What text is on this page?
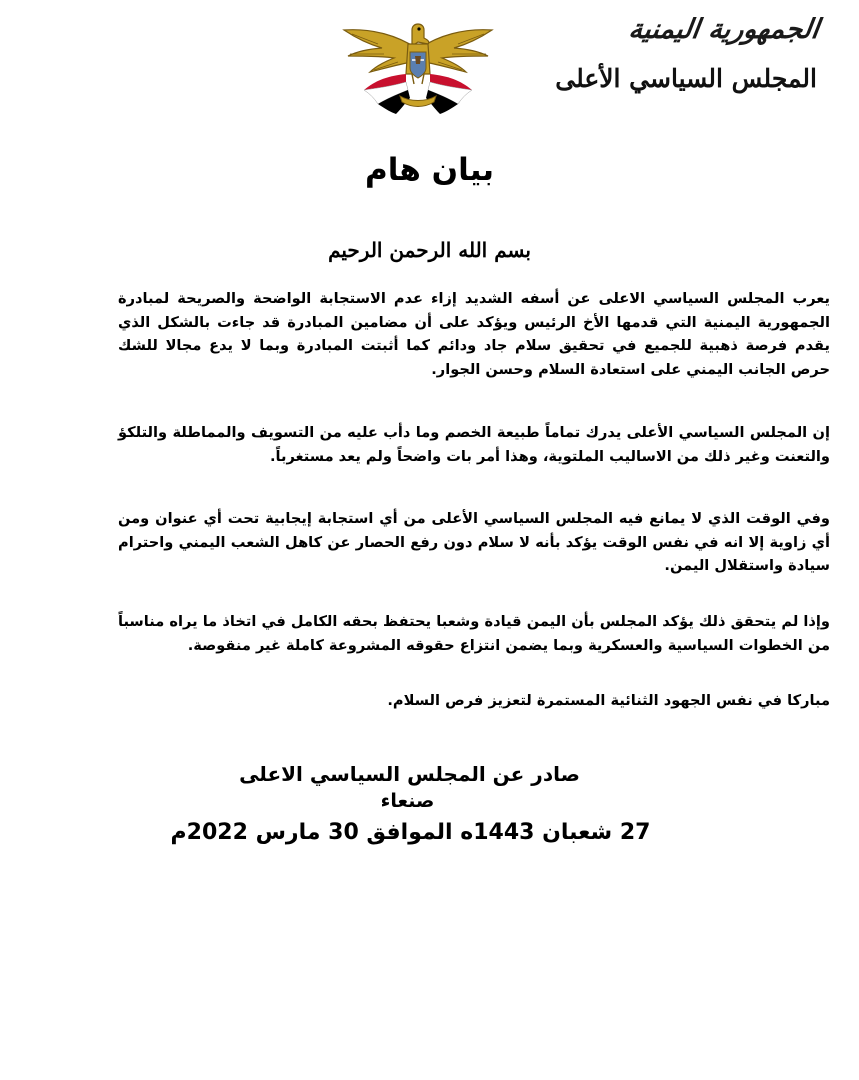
الجمهورية اليمنية
المجلس السياسي الأعلى
بيان هام
بسم الله الرحمن الرحيم
يعرب المجلس السياسي الاعلى عن أسفه الشديد إزاء عدم الاستجابة الواضحة والصريحة لمبادرة الجمهورية اليمنية التي قدمها الأخ الرئيس ويؤكد على أن مضامين المبادرة قد جاءت بالشكل الذي يقدم فرصة ذهبية للجميع في تحقيق سلام جاد ودائم كما أثبتت المبادرة وبما لا يدع مجالا للشك حرص الجانب اليمني على استعادة السلام وحسن الجوار.
إن المجلس السياسي الأعلى يدرك تماماً طبيعة الخصم وما دأب عليه من التسويف والمماطلة والتلكؤ والتعنت وغير ذلك من الاساليب الملتوية، وهذا أمر بات واضحاً ولم يعد مستغرباً.
وفي الوقت الذي لا يمانع فيه المجلس السياسي الأعلى من أي استجابة إيجابية تحت أي عنوان ومن أي زاوية إلا انه في نفس الوقت يؤكد بأنه لا سلام دون رفع الحصار عن كاهل الشعب اليمني واحترام سيادة واستقلال اليمن.
وإذا لم يتحقق ذلك يؤكد المجلس بأن اليمن قيادة وشعبا يحتفظ بحقه الكامل في اتخاذ ما يراه مناسباً من الخطوات السياسية والعسكرية وبما يضمن انتزاع حقوقه المشروعة كاملة غير منقوصة.
مباركا في نفس الجهود الثنائية المستمرة لتعزيز فرص السلام.
صادر عن المجلس السياسي الاعلى
صنعاء
27 شعبان 1443ه الموافق 30 مارس 2022م
